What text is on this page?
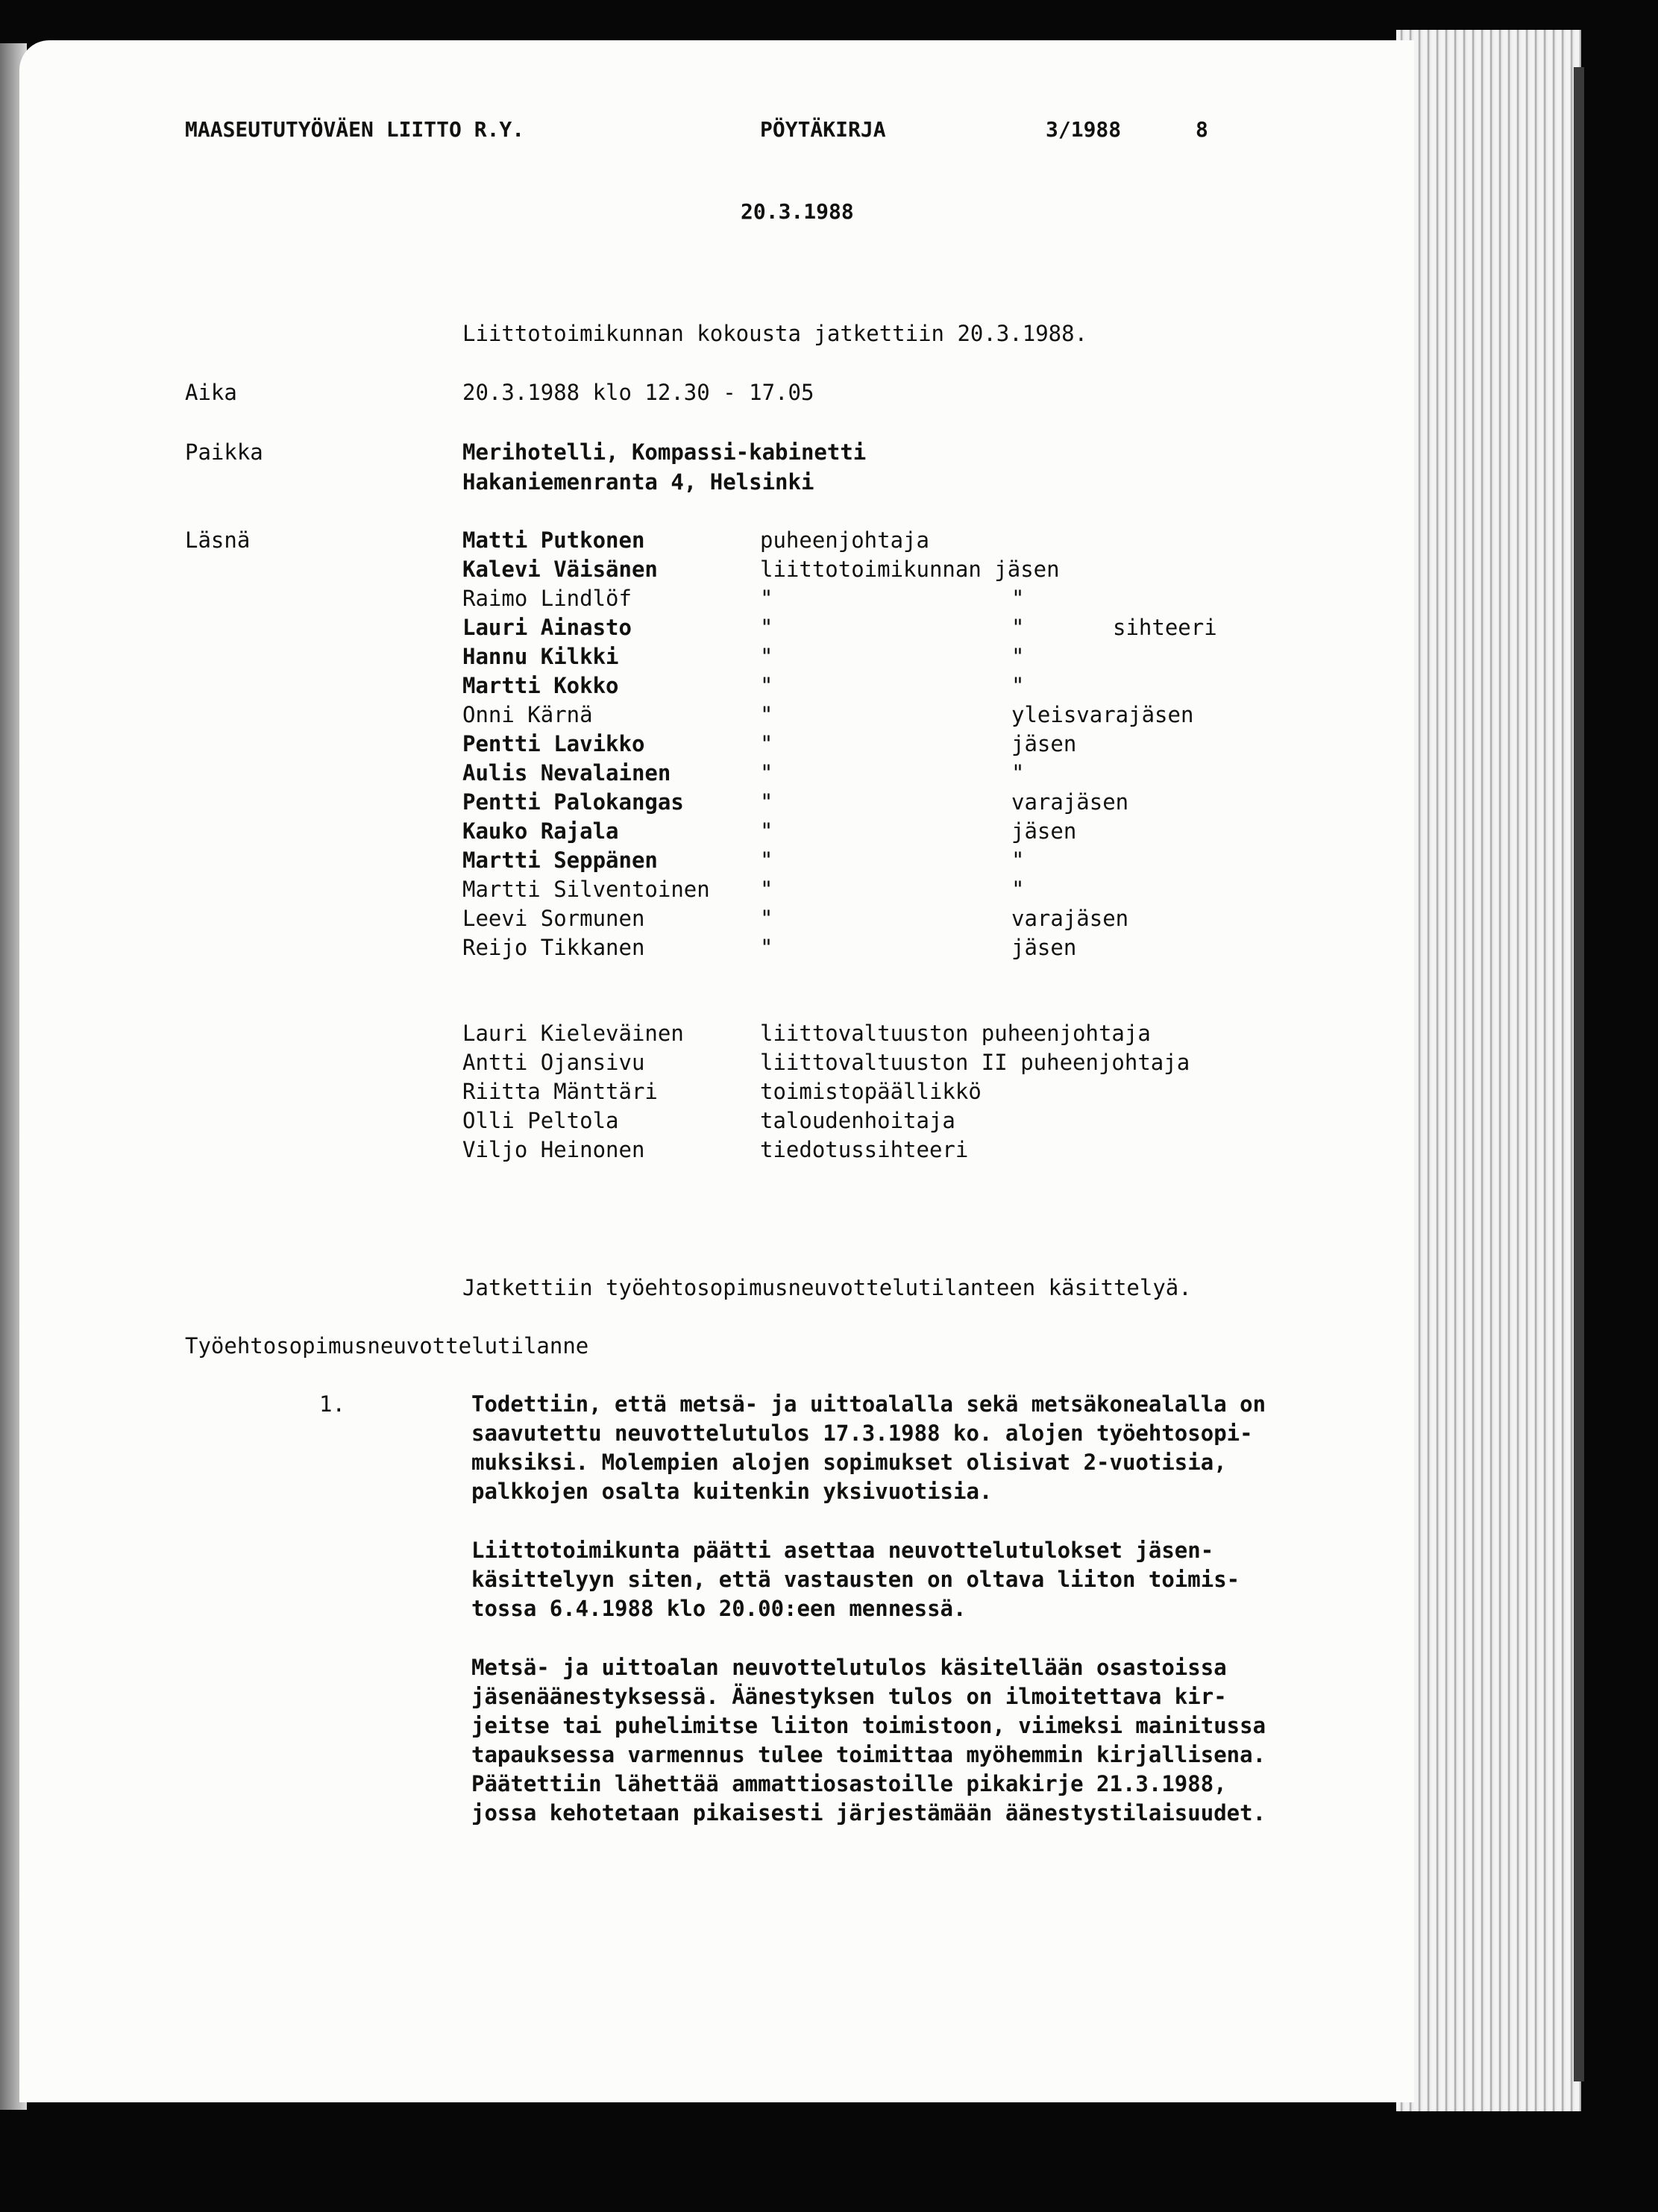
MAASEUTUTYÖVÄEN LIITTO R.Y.	PÖYTÄKIRJA	3/1988	8
20.3.1988
Liittotoimikunnan kokousta jatkettiin 20.3.1988.
Aika	20.3.1988 klo 12.30 - 17.05
Paikka	Merihotelli, Kompassi-kabinetti
Hakaniemenranta 4, Helsinki
Läsnä	Matti Putkonen	puheenjohtaja
Kalevi Väisänen	liittotoimikunnan jäsen
Raimo Lindlöf	"	"
Lauri Ainasto	"	"	sihteeri
Hannu Kilkki	"	"
Martti Kokko	"	"
Onni Kärnä	"	yleisvarajäsen
Pentti Lavikko	"	jäsen
Aulis Nevalainen	"	"
Pentti Palokangas	"	varajäsen
Kauko Rajala	"	jäsen
Martti Seppänen	"	"
Martti Silventoinen "	"
Leevi Sormunen	"	varajäsen
Reijo Tikkanen	"	jäsen
Lauri Kieleväinen	liittovaltuuston puheenjohtaja
Antti Ojansivu	liittovaltuuston II puheenjohtaja
Riitta Mänttäri	toimistopäällikkö
Olli Peltola	taloudenhoitaja
Viljo Heinonen	tiedotussihteeri
Jatkettiin työehtosopimusneuvottelutilanteen käsittelyä.
Työehtosopimusneuvottelutilanne
1.	Todettiin, että metsä- ja uittoalalla sekä metsäkonealalla on
saavutettu neuvottelutulos 17.3.1988 ko. alojen työehtosopi-
muksiksi. Molempien alojen sopimukset olisivat 2-vuotisia,
palkkojen osalta kuitenkin yksivuotisia.
Liittotoimikunta päätti asettaa neuvottelutulokset jäsen-
käsittelyyn siten, että vastausten on oltava liiton toimis-
tossa 6.4.1988 klo 20.00:een mennessä.
Metsä- ja uittoalan neuvottelutulos käsitellään osastoissa
jäsenäänestyksessä. Äänestyksen tulos on ilmoitettava kir-
jeitse tai puhelimitse liiton toimistoon, viimeksi mainitussa
tapauksessa varmennus tulee toimittaa myöhemmin kirjallisena.
Päätettiin lähettää ammattiosastoille pikakirje 21.3.1988,
jossa kehotetaan pikaisesti järjestämään äänestystilaisuudet.
